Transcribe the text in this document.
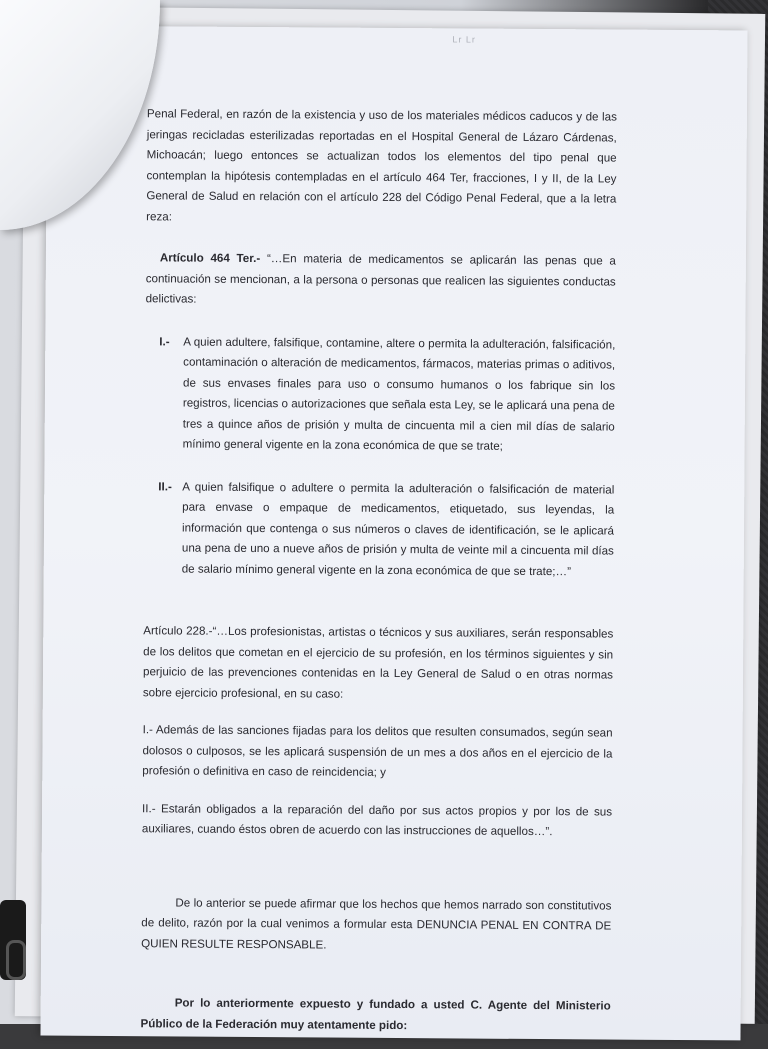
Lr Lr

Penal Federal, en razón de la existencia y uso de los materiales médicos caducos y de las jeringas recicladas esterilizadas reportadas en el Hospital General de Lázaro Cárdenas, Michoacán; luego entonces se actualizan todos los elementos del tipo penal que contemplan la hipótesis contempladas en el artículo 464 Ter, fracciones, I y II, de la Ley General de Salud en relación con el artículo 228 del Código Penal Federal, que a la letra reza:

Artículo 464 Ter.- “…En materia de medicamentos se aplicarán las penas que a continuación se mencionan, a la persona o personas que realicen las siguientes conductas delictivas:

I.-	A quien adultere, falsifique, contamine, altere o permita la adulteración, falsificación, contaminación o alteración de medicamentos, fármacos, materias primas o aditivos, de sus envases finales para uso o consumo humanos o los fabrique sin los registros, licencias o autorizaciones que señala esta Ley, se le aplicará una pena de tres a quince años de prisión y multa de cincuenta mil a cien mil días de salario mínimo general vigente en la zona económica de que se trate;
II.- A quien falsifique o adultere o permita la adulteración o falsificación de material para envase o empaque de medicamentos, etiquetado, sus leyendas, la información que contenga o sus números o claves de identificación, se le aplicará una pena de uno a nueve años de prisión y multa de veinte mil a cincuenta mil días de salario mínimo general vigente en la zona económica de que se trate;…”

Artículo 228.-“…Los profesionistas, artistas o técnicos y sus auxiliares, serán responsables de los delitos que cometan en el ejercicio de su profesión, en los términos siguientes y sin perjuicio de las prevenciones contenidas en la Ley General de Salud o en otras normas sobre ejercicio profesional, en su caso:

I.- Además de las sanciones fijadas para los delitos que resulten consumados, según sean dolosos o culposos, se les aplicará suspensión de un mes a dos años en el ejercicio de la profesión o definitiva en caso de reincidencia; y

II.- Estarán obligados a la reparación del daño por sus actos propios y por los de sus auxiliares, cuando éstos obren de acuerdo con las instrucciones de aquellos…”.

De lo anterior se puede afirmar que los hechos que hemos narrado son constitutivos de delito, razón por la cual venimos a formular esta DENUNCIA PENAL EN CONTRA DE QUIEN RESULTE RESPONSABLE.

Por lo anteriormente expuesto y fundado a usted C. Agente del Ministerio Público de la Federación muy atentamente pido:
